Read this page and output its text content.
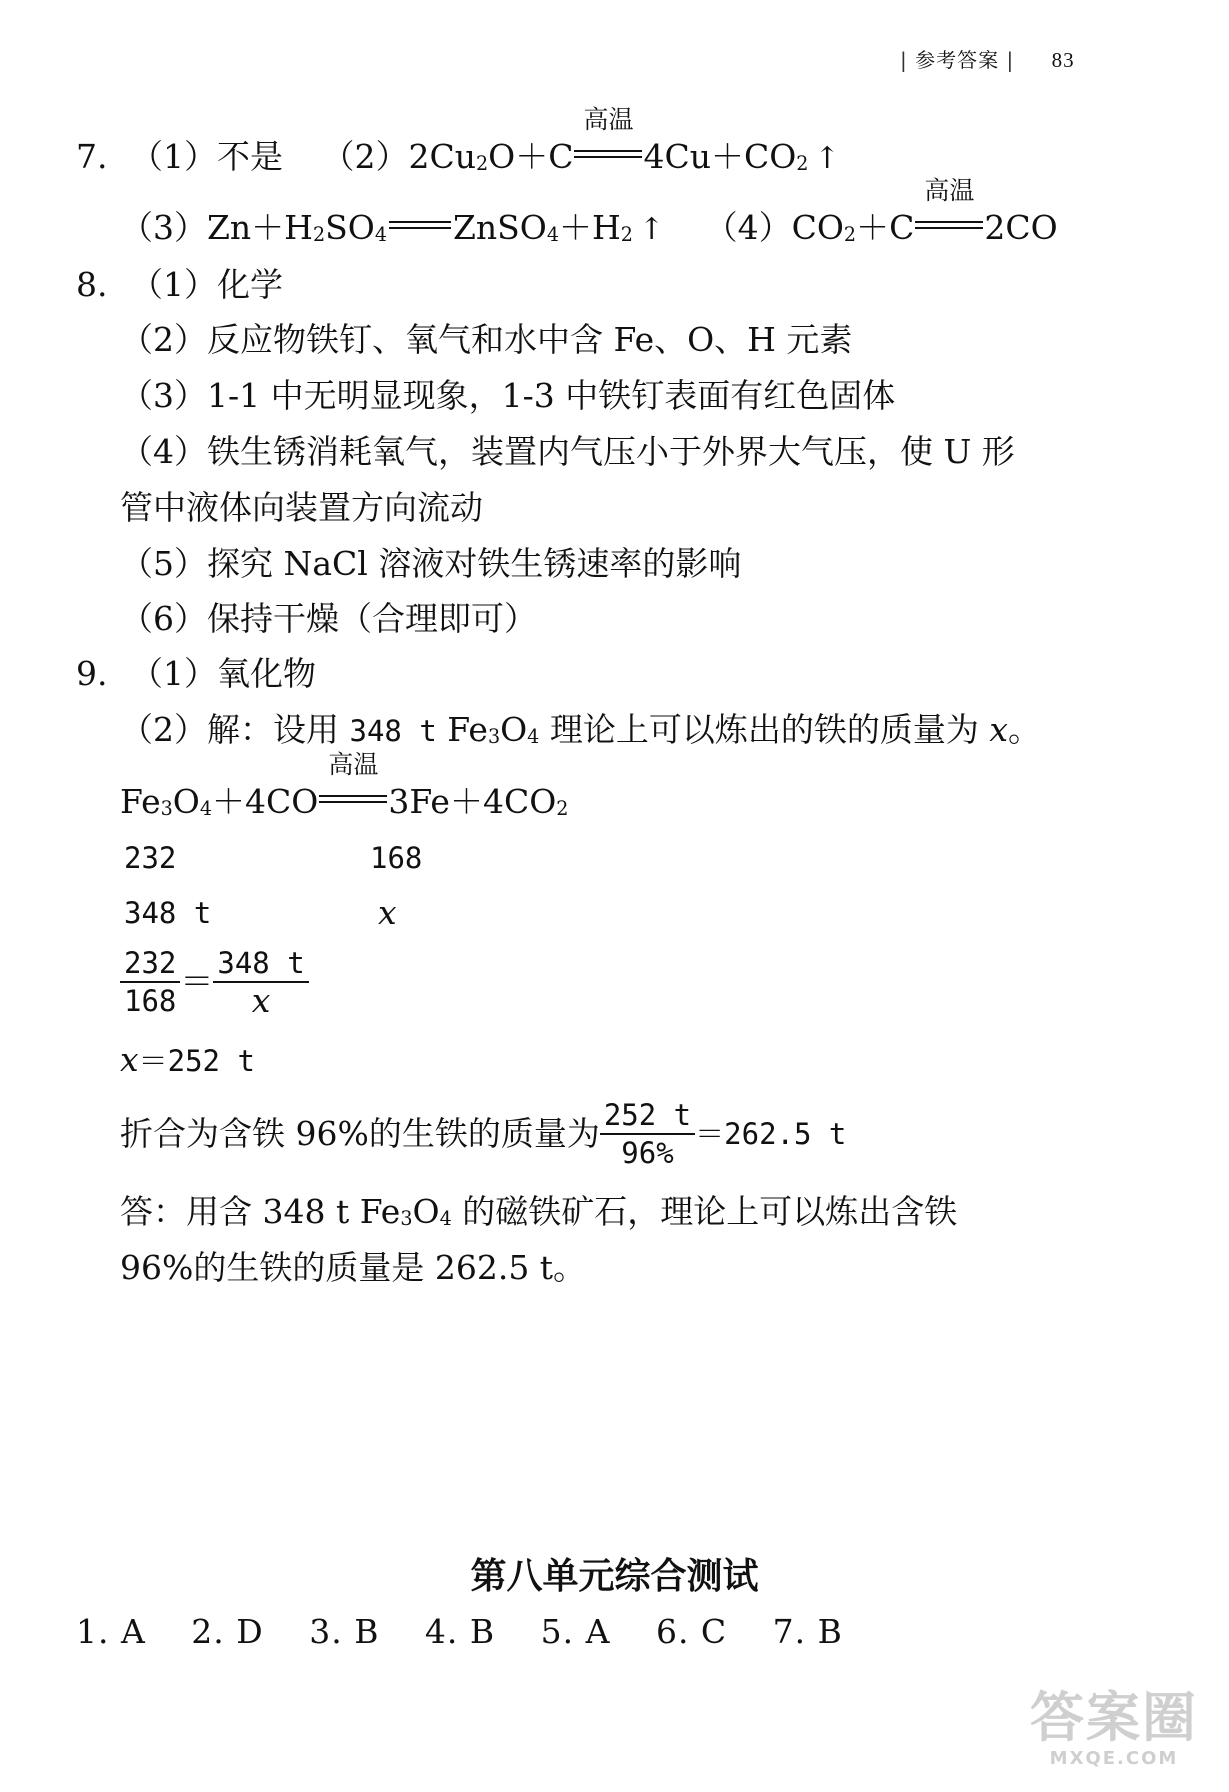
| 参考答案 | 83
7. （1）不是 $(2)2Cu_2O+C$
高温
$4Cu+CO_2$ ↑
$(3)Zn+H_2SO_4$ $ZnSO_4+H_2$ ↑ $(4)CO_2+C$
高温
2CO
8. （1）化学
（2）反应物铁钉、氧气和水中含 Fe、O、H 元素
（3）1-1 中无明显现象，1-3 中铁钉表面有红色固体
（4）铁生锈消耗氧气，装置内气压小于外界大气压，使 U 形
管中液体向装置方向流动
（5）探究 NaCl 溶液对铁生锈速率的影响
（6）保持干燥（合理即可）
9. （1）氧化物
（2）解：设用 348 t $Fe_3O_4$ 理论上可以炼出的铁的质量为 x。
$Fe_3O_4+4CO$
高温
$3Fe+4CO_2$
232	168
348 t	x
$\frac{232}{168} = \frac{348 t}{x}$
x＝252 t
折合为含铁 96%的生铁的质量为 $\frac{252 t}{96\%} =262.5$ t
答：用含 348 t $Fe_3O_4$ 的磁铁矿石，理论上可以炼出含铁
96%的生铁的质量是 262.5 t。
第八单元综合测试
1. A　 2. D　 3. B　 4. B　 5. A　 6. C　 7. B
答案圈
MXQE.COM
